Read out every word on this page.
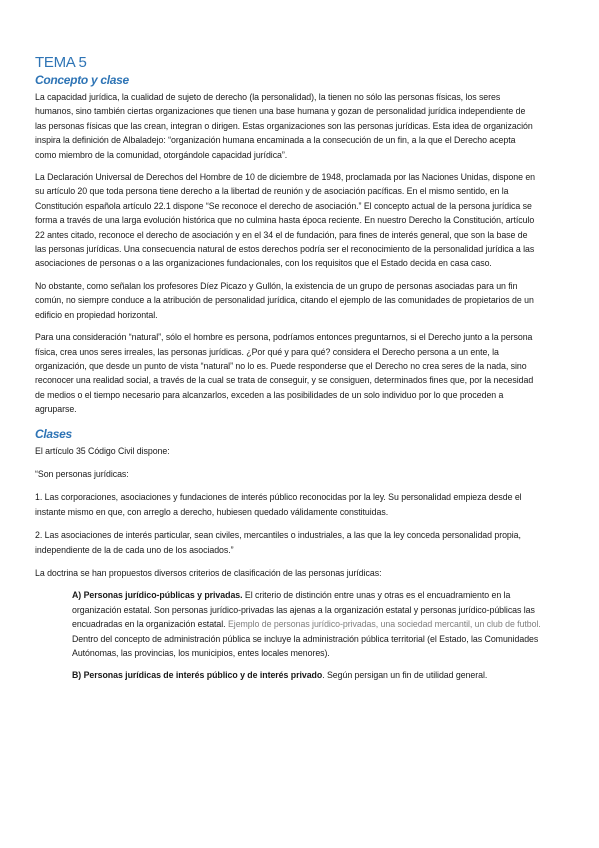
TEMA 5
Concepto y clase

La capacidad jurídica, la cualidad de sujeto de derecho (la personalidad), la tienen no sólo las personas físicas, los seres humanos, sino también ciertas organizaciones que tienen una base humana y gozan de personalidad jurídica independiente de las personas físicas que las crean, integran o dirigen. Estas organizaciones son las personas jurídicas. Esta idea de organización inspira la definición de Albaladejo: “organización humana encaminada a la consecución de un fin, a la que el Derecho acepta como miembro de la comunidad, otorgándole capacidad jurídica”.

La Declaración Universal de Derechos del Hombre de 10 de diciembre de 1948, proclamada por las Naciones Unidas, dispone en su artículo 20 que toda persona tiene derecho a la libertad de reunión y de asociación pacíficas. En el mismo sentido, en la Constitución española artículo 22.1 dispone “Se reconoce el derecho de asociación.” El concepto actual de la persona jurídica se forma a través de una larga evolución histórica que no culmina hasta época reciente. En nuestro Derecho la Constitución, artículo 22 antes citado, reconoce el derecho de asociación y en el 34 el de fundación, para fines de interés general, que son la base de las personas jurídicas. Una consecuencia natural de estos derechos podría ser el reconocimiento de la personalidad jurídica a las asociaciones de personas o a las organizaciones fundacionales, con los requisitos que el Estado decida en casa caso.

No obstante, como señalan los profesores Díez Picazo y Gullón, la existencia de un grupo de personas asociadas para un fin común, no siempre conduce a la atribución de personalidad jurídica, citando el ejemplo de las comunidades de propietarios de un edificio en propiedad horizontal.

Para una consideración “natural”, sólo el hombre es persona, podríamos entonces preguntarnos, si el Derecho junto a la persona física, crea unos seres irreales, las personas jurídicas. ¿Por qué y para qué? considera el Derecho persona a un ente, la organización, que desde un punto de vista “natural” no lo es. Puede responderse que el Derecho no crea seres de la nada, sino reconocer una realidad social, a través de la cual se trata de conseguir, y se consiguen, determinados fines que, por la necesidad de medios o el tiempo necesario para alcanzarlos, exceden a las posibilidades de un solo individuo por lo que proceden a agruparse.

Clases

El artículo 35 Código Civil dispone:

“Son personas jurídicas:

1. Las corporaciones, asociaciones y fundaciones de interés público reconocidas por la ley. Su personalidad empieza desde el instante mismo en que, con arreglo a derecho, hubiesen quedado válidamente constituidas.

2. Las asociaciones de interés particular, sean civiles, mercantiles o industriales, a las que la ley conceda personalidad propia, independiente de la de cada uno de los asociados.”

La doctrina se han propuestos diversos criterios de clasificación de las personas jurídicas:

A) Personas jurídico-públicas y privadas. El criterio de distinción entre unas y otras es el encuadramiento en la organización estatal. Son personas jurídico-privadas las ajenas a la organización estatal y personas jurídico-públicas las encuadradas en la organización estatal. Ejemplo de personas jurídico-privadas, una sociedad mercantil, un club de futbol. Dentro del concepto de administración pública se incluye la administración pública territorial (el Estado, las Comunidades Autónomas, las provincias, los municipios, entes locales menores).

B) Personas jurídicas de interés público y de interés privado. Según persigan un fin de utilidad general.
